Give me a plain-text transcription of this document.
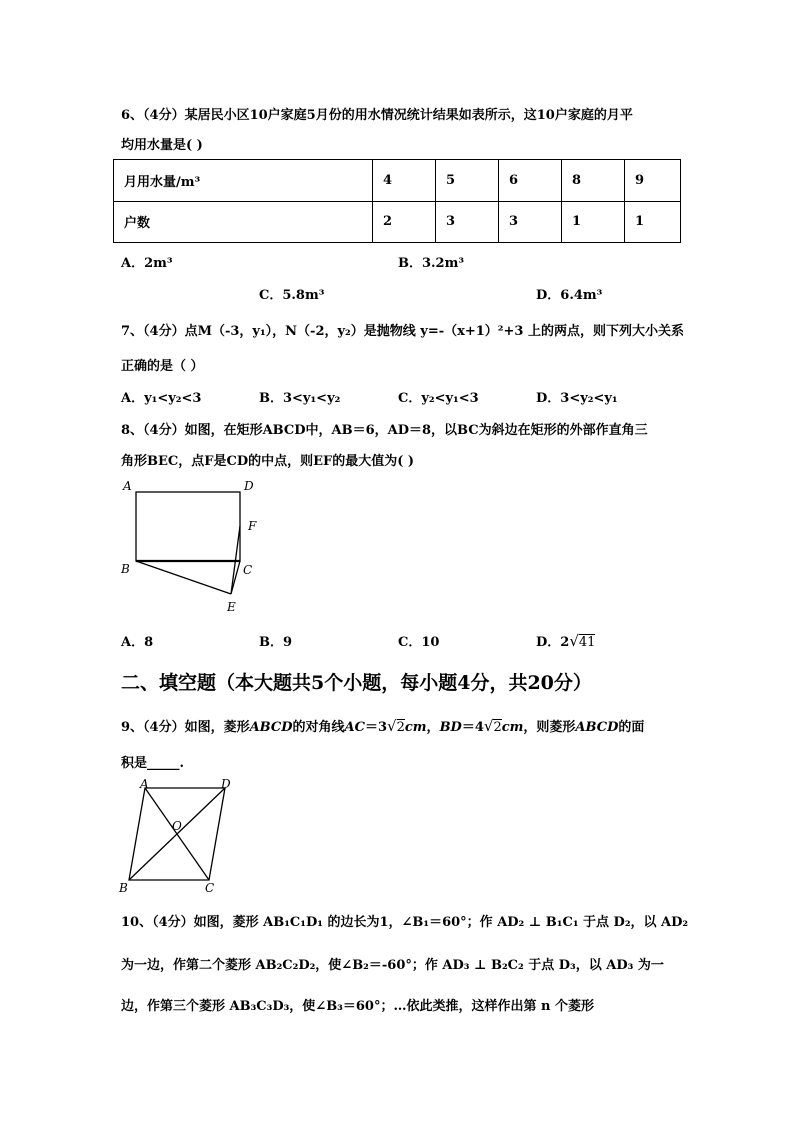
6、（4分）某居民小区10户家庭5月份的用水情况统计结果如表所示，这10户家庭的月平
均用水量是( )
月用水量/m³	4	5	6	8	9
户数	2	3	3	1	1
A．2m³	B．3.2m³
C．5.8m³	D．6.4m³
7、（4分）点M（-3，y₁），N（-2，y₂）是抛物线 y=-（x+1）²+3 上的两点，则下列大小关系
正确的是（ ）
A．y₁<y₂<3	B．3<y₁<y₂	C．y₂<y₁<3	D．3<y₂<y₁
8、（4分）如图，在矩形ABCD中，AB＝6，AD＝8，以BC为斜边在矩形的外部作直角三
角形BEC，点F是CD的中点，则EF的最大值为( )
A	D
F
B	C
E
A．8	B．9	C．10	D．2√41
二、填空题（本大题共5个小题，每小题4分，共20分）
9、（4分）如图，菱形ABCD的对角线AC＝3√2cm，BD＝4√2cm，则菱形ABCD的面
积是_____.
A	D
O
B	C
10、（4分）如图，菱形 AB₁C₁D₁ 的边长为1，∠B₁＝60°；作 AD₂ ⊥ B₁C₁ 于点 D₂，以 AD₂
为一边，作第二个菱形 AB₂C₂D₂，使∠B₂＝-60°；作 AD₃ ⊥ B₂C₂ 于点 D₃，以 AD₃ 为一
边，作第三个菱形 AB₃C₃D₃，使∠B₃＝60°；…依此类推，这样作出第 n 个菱形
